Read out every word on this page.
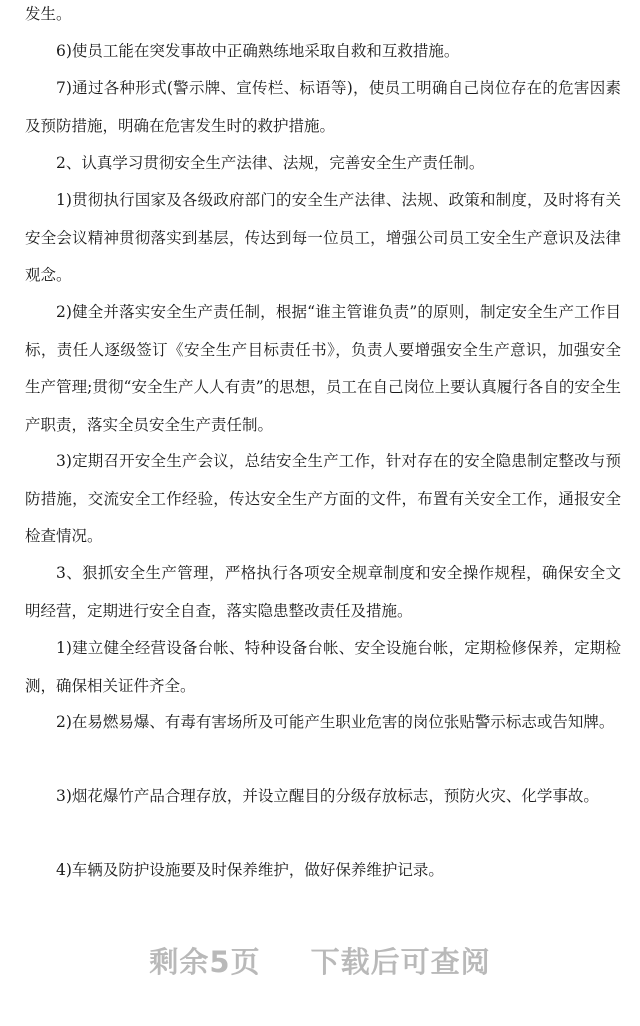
发生。

6)使员工能在突发事故中正确熟练地采取自救和互救措施。

7)通过各种形式(警示牌、宣传栏、标语等)，使员工明确自己岗位存在的危害因素及预防措施，明确在危害发生时的救护措施。

2、认真学习贯彻安全生产法律、法规，完善安全生产责任制。

1)贯彻执行国家及各级政府部门的安全生产法律、法规、政策和制度，及时将有关安全会议精神贯彻落实到基层，传达到每一位员工，增强公司员工安全生产意识及法律观念。

2)健全并落实安全生产责任制，根据“谁主管谁负责”的原则，制定安全生产工作目标，责任人逐级签订《安全生产目标责任书》，负责人要增强安全生产意识，加强安全生产管理;贯彻“安全生产人人有责”的思想，员工在自己岗位上要认真履行各自的安全生产职责，落实全员安全生产责任制。

3)定期召开安全生产会议，总结安全生产工作，针对存在的安全隐患制定整改与预防措施，交流安全工作经验，传达安全生产方面的文件，布置有关安全工作，通报安全检查情况。

3、狠抓安全生产管理，严格执行各项安全规章制度和安全操作规程，确保安全文明经营，定期进行安全自查，落实隐患整改责任及措施。

1)建立健全经营设备台帐、特种设备台帐、安全设施台帐，定期检修保养，定期检测，确保相关证件齐全。

2)在易燃易爆、有毒有害场所及可能产生职业危害的岗位张贴警示标志或告知牌。

3)烟花爆竹产品合理存放，并设立醒目的分级存放标志，预防火灾、化学事故。

4)车辆及防护设施要及时保养维护，做好保养维护记录。

剩余5页 下载后可查阅
